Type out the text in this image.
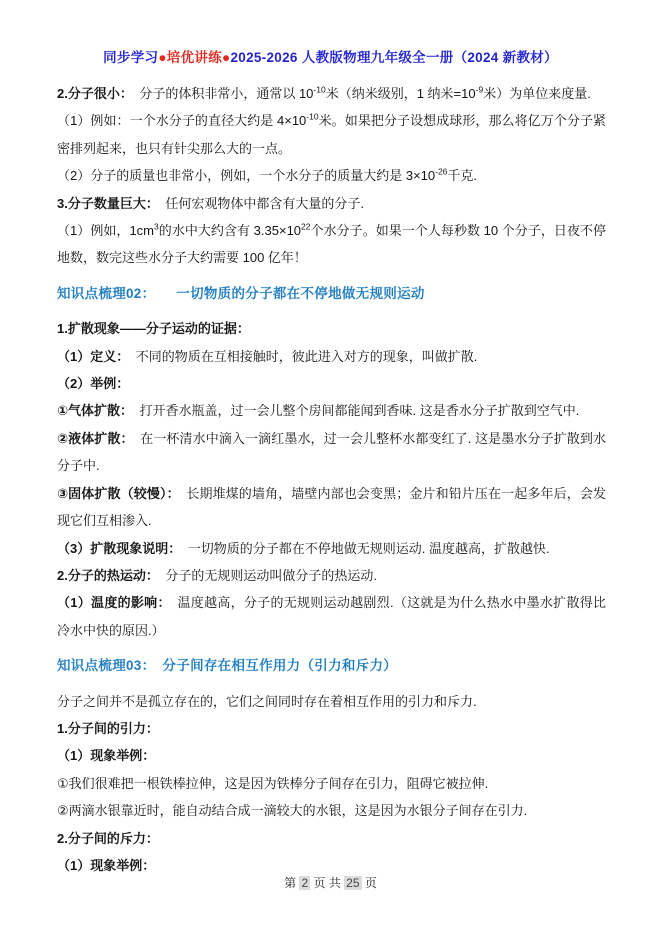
同步学习●培优讲练●2025-2026 人教版物理九年级全一册（2024 新教材）

2.分子很小：　分子的体积非常小，通常以 $10^{-10}$米（纳米级别，1 纳米$=10^{-9}$米）为单位来度量.

（1）例如：一个水分子的直径大约是 $4\times 10^{-10}$米。如果把分子设想成球形，那么将亿万个分子紧密排列起来，也只有针尖那么大的一点。

（2）分子的质量也非常小，例如，一个水分子的质量大约是 $3\times 10^{-26}$千克.

3.分子数量巨大：　任何宏观物体中都含有大量的分子.

（1）例如，$1cm^3$的水中大约含有 $3.35\times 10^{22}$个水分子。如果一个人每秒数 10 个分子，日夜不停地数，数完这些水分子大约需要 100 亿年！

知识点梳理02：　　一切物质的分子都在不停地做无规则运动

1.扩散现象——分子运动的证据：

（1）定义：　不同的物质在互相接触时，彼此进入对方的现象，叫做扩散.

（2）举例：

①气体扩散：　打开香水瓶盖，过一会儿整个房间都能闻到香味. 这是香水分子扩散到空气中.

②液体扩散：　在一杯清水中滴入一滴红墨水，过一会儿整杯水都变红了. 这是墨水分子扩散到水分子中.

③固体扩散（较慢）：　长期堆煤的墙角，墙壁内部也会变黑；金片和铅片压在一起多年后，会发现它们互相渗入.

（3）扩散现象说明：　一切物质的分子都在不停地做无规则运动. 温度越高，扩散越快.

2.分子的热运动：　分子的无规则运动叫做分子的热运动.

（1）温度的影响：　温度越高，分子的无规则运动越剧烈.（这就是为什么热水中墨水扩散得比冷水中快的原因.）

知识点梳理03：　分子间存在相互作用力（引力和斥力）

分子之间并不是孤立存在的，它们之间同时存在着相互作用的引力和斥力.

1.分子间的引力：

（1）现象举例：

①我们很难把一根铁棒拉伸，这是因为铁棒分子间存在引力，阻碍它被拉伸.

②两滴水银靠近时，能自动结合成一滴较大的水银，这是因为水银分子间存在引力.

2.分子间的斥力：

（1）现象举例：

第 2 页 共 25 页
